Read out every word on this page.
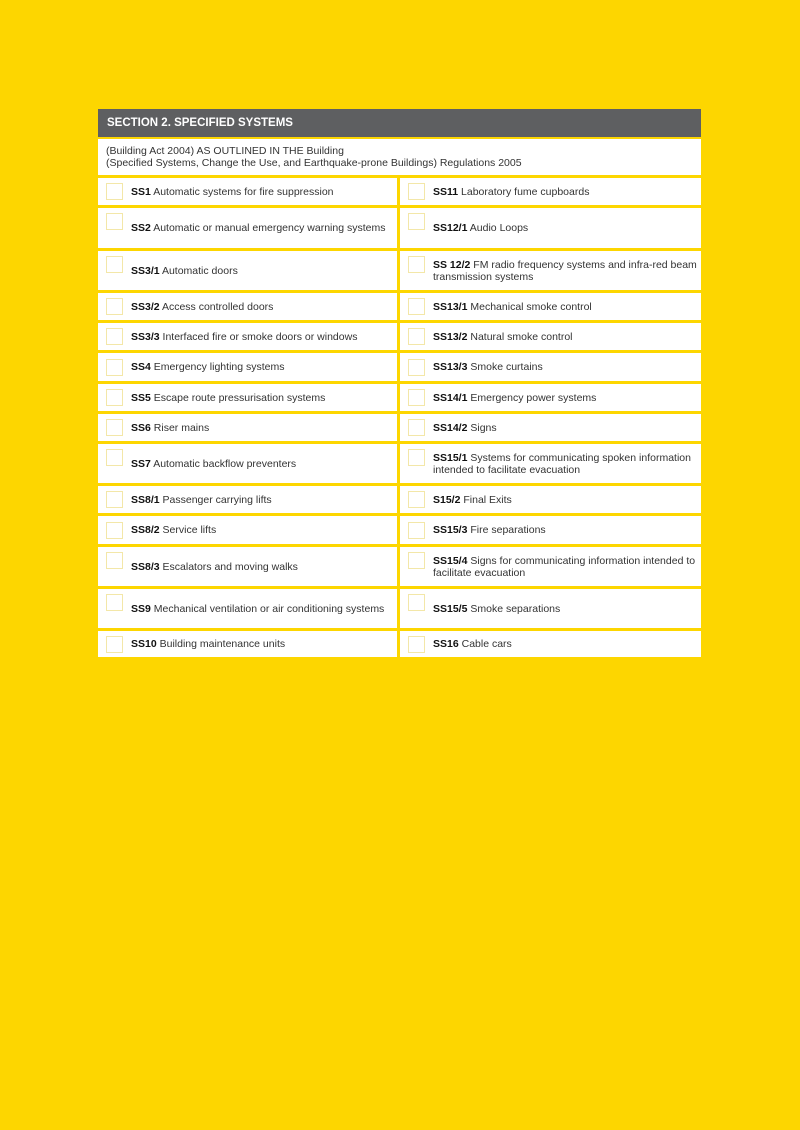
SECTION 2. SPECIFIED SYSTEMS
(Building Act 2004) AS OUTLINED IN THE Building
(Specified Systems, Change the Use, and Earthquake-prone Buildings) Regulations 2005
SS1 Automatic systems for fire suppression	SS11 Laboratory fume cupboards
SS2 Automatic or manual emergency warning systems	SS12/1 Audio Loops
SS3/1 Automatic doors	SS 12/2 FM radio frequency systems and infra-red beam transmission systems
SS3/2 Access controlled doors	SS13/1 Mechanical smoke control
SS3/3 Interfaced fire or smoke doors or windows	SS13/2 Natural smoke control
SS4 Emergency lighting systems	SS13/3 Smoke curtains
SS5 Escape route pressurisation systems	SS14/1 Emergency power systems
SS6 Riser mains	SS14/2 Signs
SS7 Automatic backflow preventers	SS15/1 Systems for communicating spoken information intended to facilitate evacuation
SS8/1 Passenger carrying lifts	S15/2 Final Exits
SS8/2 Service lifts	SS15/3 Fire separations
SS8/3 Escalators and moving walks	SS15/4 Signs for communicating information intended to facilitate evacuation
SS9 Mechanical ventilation or air conditioning systems	SS15/5 Smoke separations
SS10 Building maintenance units	SS16 Cable cars
